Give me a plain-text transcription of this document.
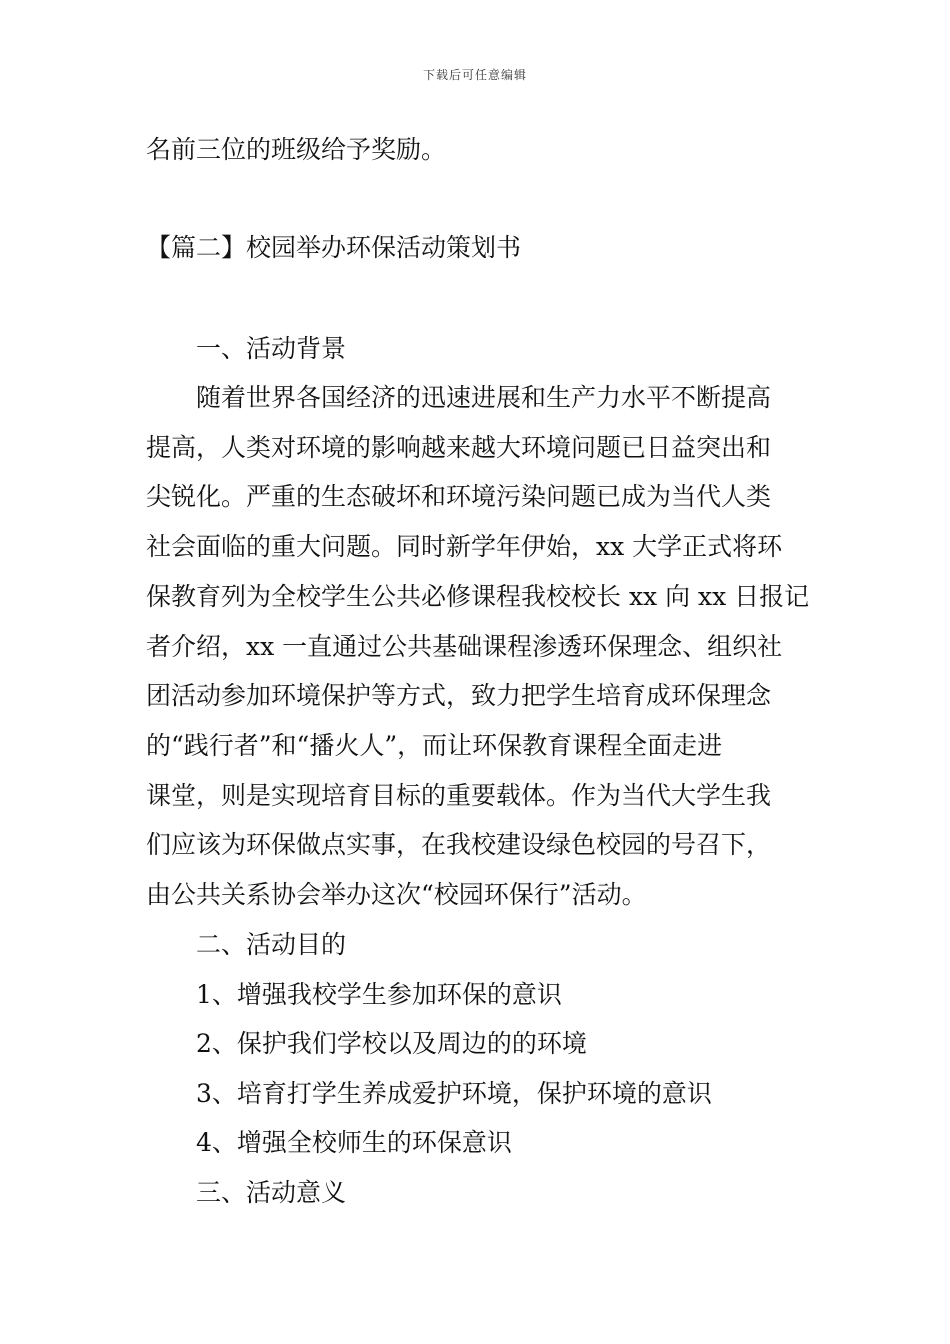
下载后可任意编辑

名前三位的班级给予奖励。

【篇二】校园举办环保活动策划书

一、活动背景

随着世界各国经济的迅速进展和生产力水平不断提高

提高，人类对环境的影响越来越大环境问题已日益突出和

尖锐化。严重的生态破坏和环境污染问题已成为当代人类

社会面临的重大问题。同时新学年伊始，xx 大学正式将环

保教育列为全校学生公共必修课程我校校长 xx 向 xx 日报记

者介绍，xx 一直通过公共基础课程渗透环保理念、组织社

团活动参加环境保护等方式，致力把学生培育成环保理念

的“践行者”和“播火人”，而让环保教育课程全面走进

课堂，则是实现培育目标的重要载体。作为当代大学生我

们应该为环保做点实事，在我校建设绿色校园的号召下，

由公共关系协会举办这次“校园环保行”活动。

二、活动目的

1、增强我校学生参加环保的意识

2、保护我们学校以及周边的的环境

3、培育打学生养成爱护环境，保护环境的意识

4、增强全校师生的环保意识

三、活动意义
